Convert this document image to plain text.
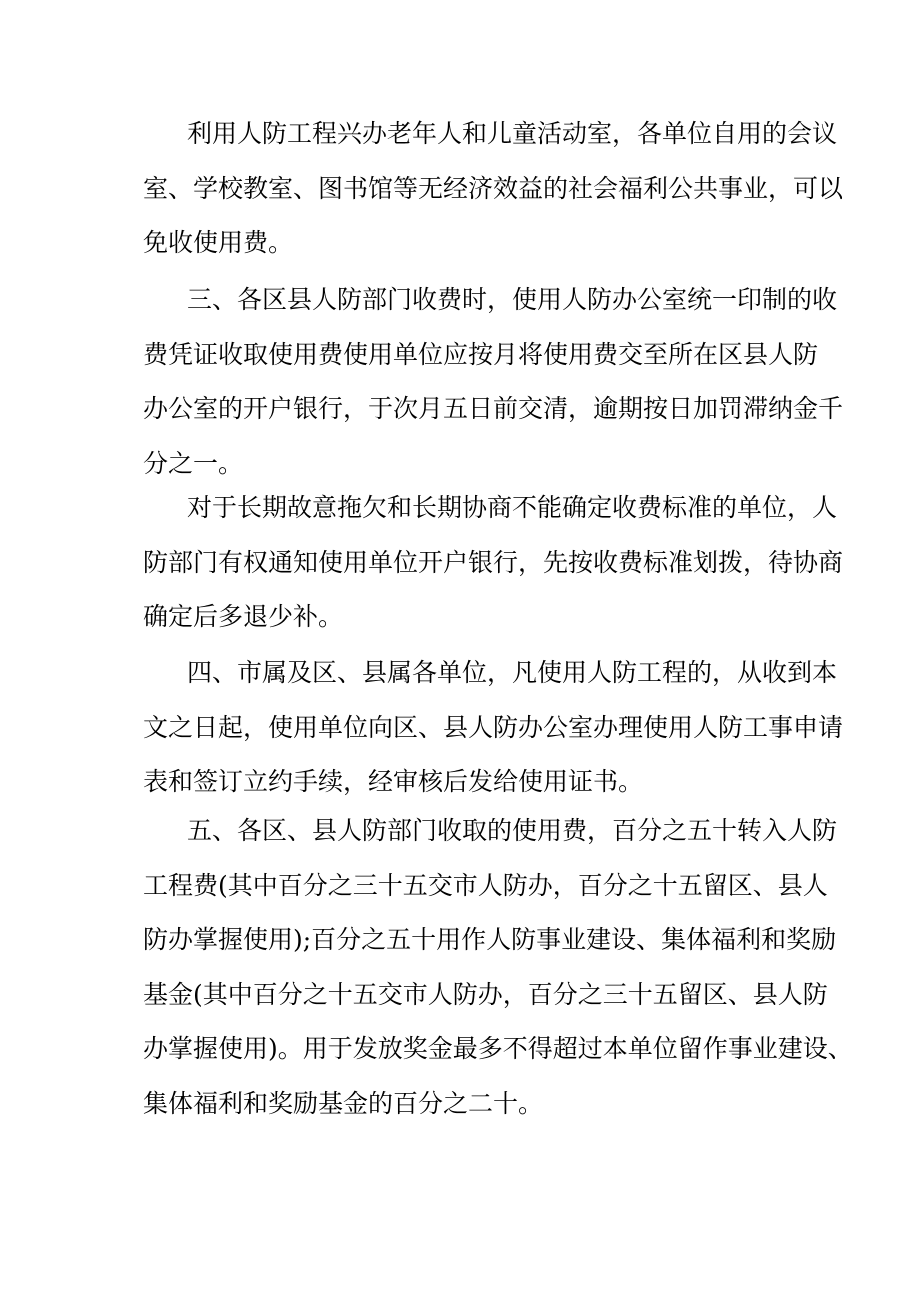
利用人防工程兴办老年人和儿童活动室，各单位自用的会议
室、学校教室、图书馆等无经济效益的社会福利公共事业，可以
免收使用费。
三、各区县人防部门收费时，使用人防办公室统一印制的收
费凭证收取使用费使用单位应按月将使用费交至所在区县人防
办公室的开户银行，于次月五日前交清，逾期按日加罚滞纳金千
分之一。
对于长期故意拖欠和长期协商不能确定收费标准的单位，人
防部门有权通知使用单位开户银行，先按收费标准划拨，待协商
确定后多退少补。
四、市属及区、县属各单位，凡使用人防工程的，从收到本
文之日起，使用单位向区、县人防办公室办理使用人防工事申请
表和签订立约手续，经审核后发给使用证书。
五、各区、县人防部门收取的使用费，百分之五十转入人防
工程费(其中百分之三十五交市人防办，百分之十五留区、县人
防办掌握使用);百分之五十用作人防事业建设、集体福利和奖励
基金(其中百分之十五交市人防办，百分之三十五留区、县人防
办掌握使用)。用于发放奖金最多不得超过本单位留作事业建设、
集体福利和奖励基金的百分之二十。
